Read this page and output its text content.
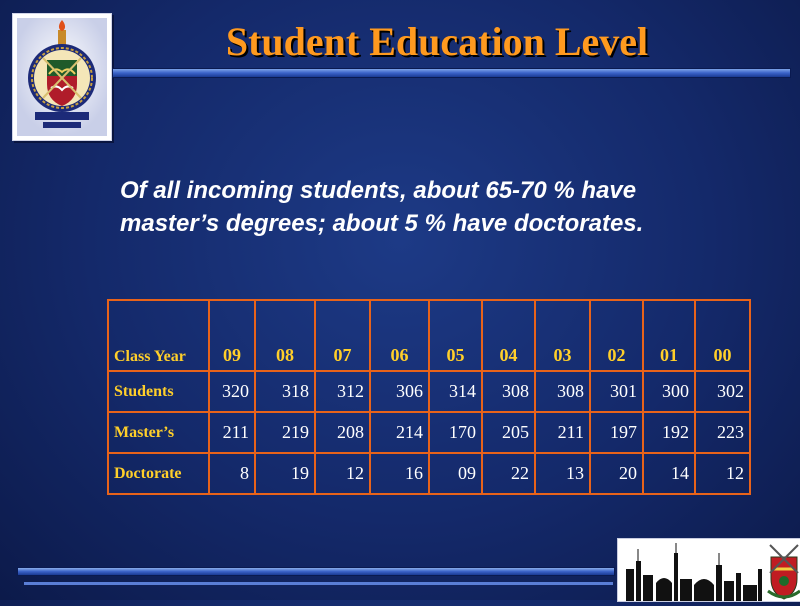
Student Education Level
Of all incoming students, about 65-70 % have
master’s degrees; about 5 % have doctorates.
Class Year	09	08	07	06	05	04	03	02	01	00
Students	320	318	312	306	314	308	308	301	300	302
Master’s	211	219	208	214	170	205	211	197	192	223
Doctorate	8	19	12	16	09	22	13	20	14	12
